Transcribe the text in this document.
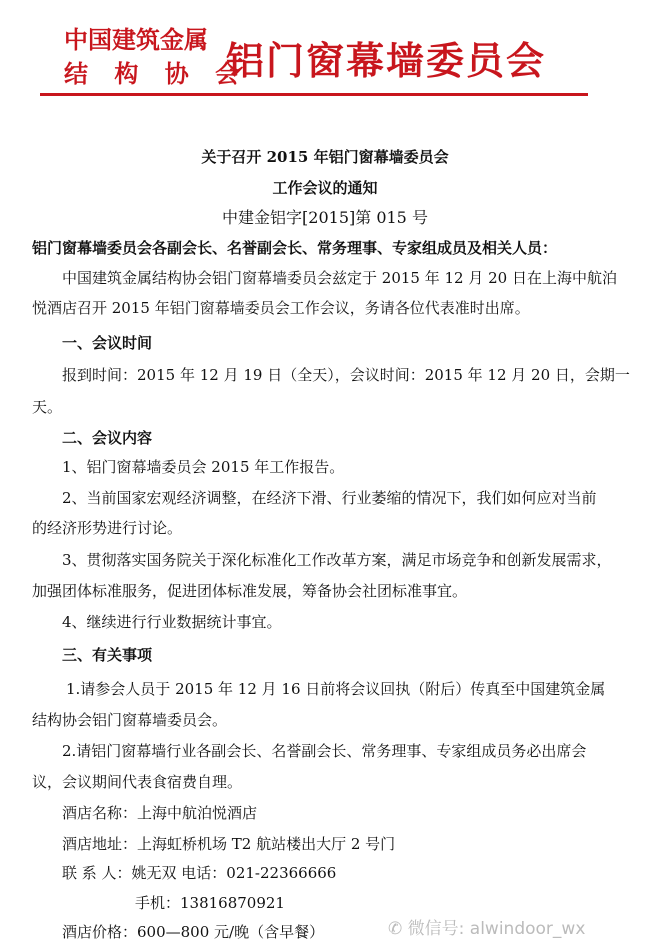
中国建筑金属
结 构 协 会
铝门窗幕墙委员会
关于召开 2015 年铝门窗幕墙委员会
工作会议的通知
中建金铝字[2015]第 015 号
铝门窗幕墙委员会各副会长、名誉副会长、常务理事、专家组成员及相关人员：
中国建筑金属结构协会铝门窗幕墙委员会兹定于 2015 年 12 月 20 日在上海中航泊
悦酒店召开 2015 年铝门窗幕墙委员会工作会议，务请各位代表准时出席。
一、会议时间
报到时间：2015 年 12 月 19 日（全天），会议时间：2015 年 12 月 20 日，会期一
天。
二、会议内容
1、铝门窗幕墙委员会 2015 年工作报告。
2、当前国家宏观经济调整，在经济下滑、行业萎缩的情况下，我们如何应对当前
的经济形势进行讨论。
3、贯彻落实国务院关于深化标准化工作改革方案，满足市场竞争和创新发展需求，
加强团体标准服务，促进团体标准发展，筹备协会社团标准事宜。
4、继续进行行业数据统计事宜。
三、有关事项
1.请参会人员于 2015 年 12 月 16 日前将会议回执（附后）传真至中国建筑金属
结构协会铝门窗幕墙委员会。
2.请铝门窗幕墙行业各副会长、名誉副会长、常务理事、专家组成员务必出席会
议，会议期间代表食宿费自理。
酒店名称：上海中航泊悦酒店
酒店地址：上海虹桥机场 T2 航站楼出大厅 2 号门
联 系 人：姚无双 电话：021-22366666
手机：13816870921
酒店价格：600—800 元/晚（含早餐）	✆ 微信号: alwindoor_wx
